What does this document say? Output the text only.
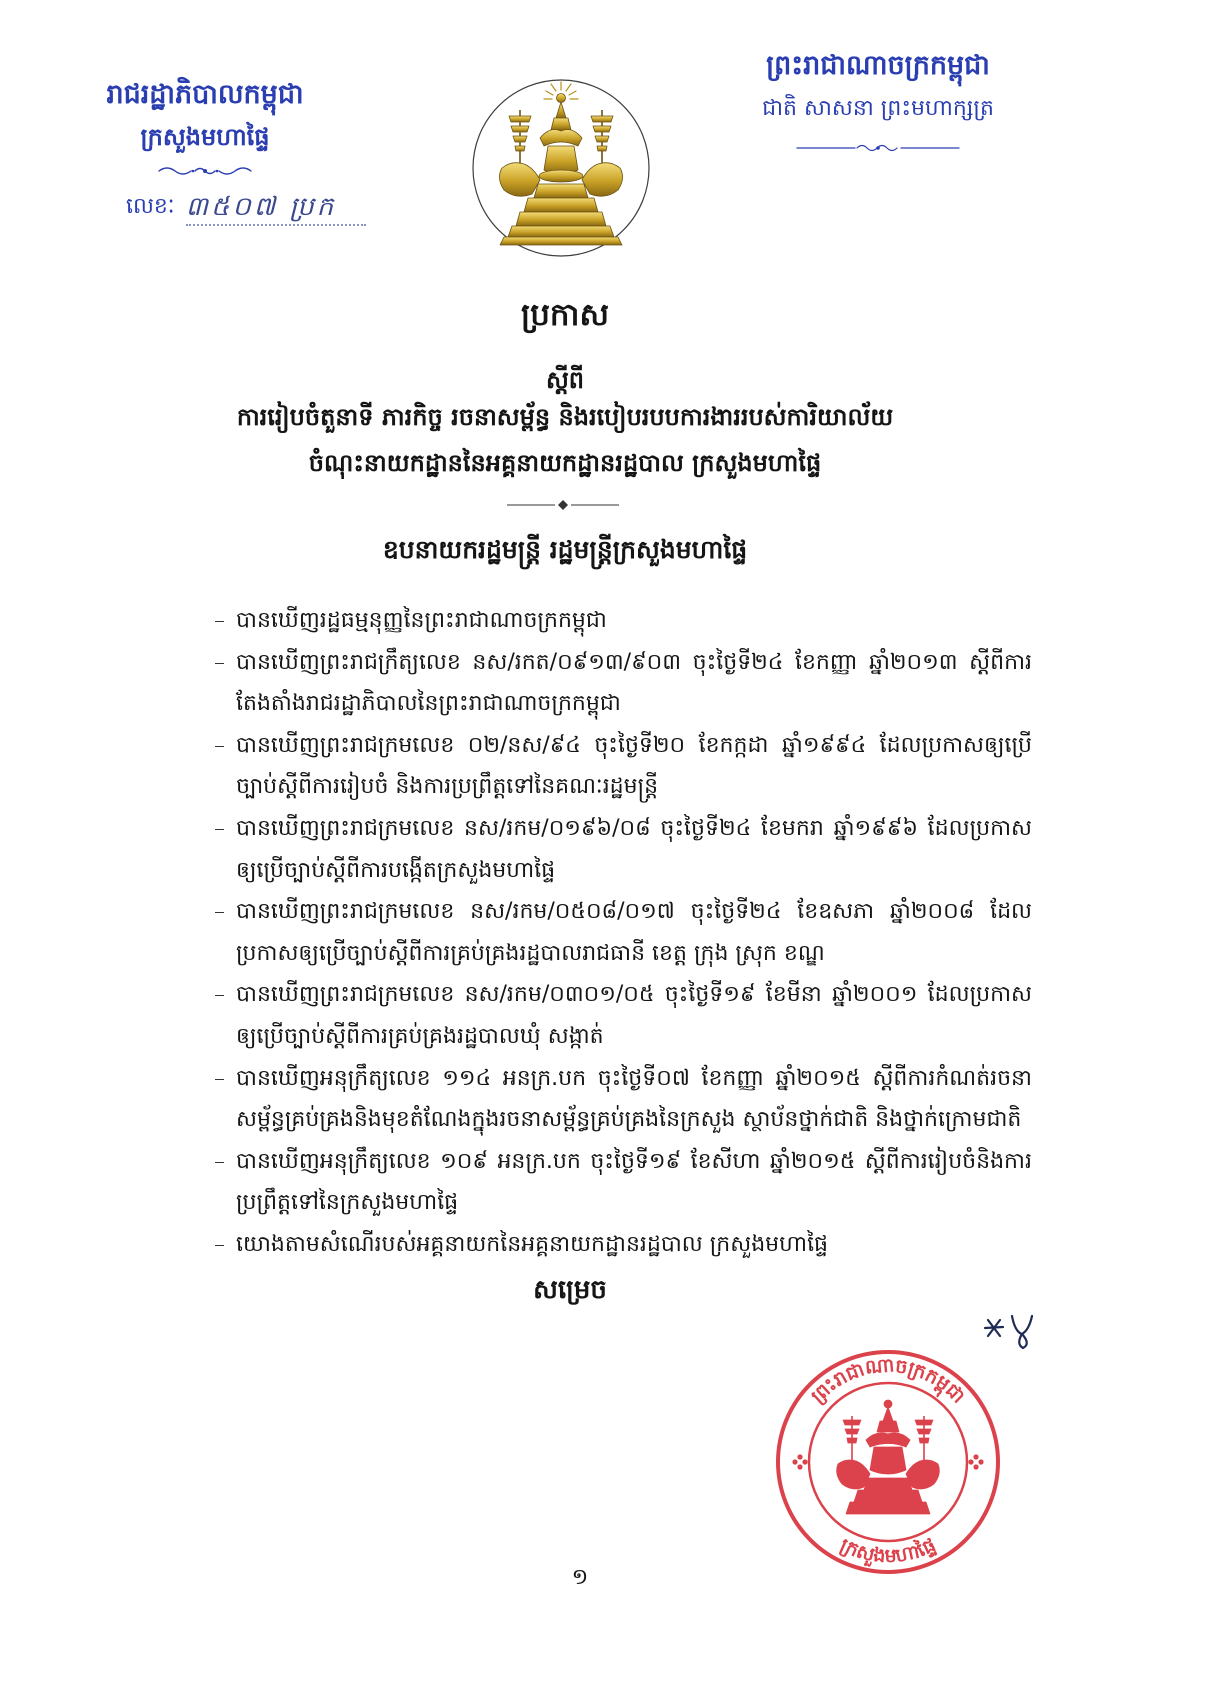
រាជរដ្ឋាភិបាលកម្ពុជា
ក្រសួងមហាផ្ទៃ
លេខៈ ៣៥០៧ ប្រក
ព្រះរាជាណាចក្រកម្ពុជា
ជាតិ សាសនា ព្រះមហាក្សត្រ
ប្រកាស
ស្តីពី
ការរៀបចំតួនាទី ភារកិច្ច រចនាសម្ព័ន្ធ និងរបៀបរបបការងាររបស់ការិយាល័យ
ចំណុះនាយកដ្ឋាននៃអគ្គនាយកដ្ឋានរដ្ឋបាល ក្រសួងមហាផ្ទៃ
ឧបនាយករដ្ឋមន្ត្រី រដ្ឋមន្ត្រីក្រសួងមហាផ្ទៃ
បានឃើញរដ្ឋធម្មនុញ្ញនៃព្រះរាជាណាចក្រកម្ពុជា
បានឃើញព្រះរាជក្រឹត្យលេខ នស/រកត/០៩១៣/៩០៣ ចុះថ្ងៃទី២៤ ខែកញ្ញា ឆ្នាំ២០១៣ ស្តីពីការតែងតាំងរាជរដ្ឋាភិបាលនៃព្រះរាជាណាចក្រកម្ពុជា
បានឃើញព្រះរាជក្រមលេខ ០២/នស/៩៤ ចុះថ្ងៃទី២០ ខែកក្កដា ឆ្នាំ១៩៩៤ ដែលប្រកាសឲ្យប្រើច្បាប់ស្តីពីការរៀបចំ និងការប្រព្រឹត្តទៅនៃគណៈរដ្ឋមន្ត្រី
បានឃើញព្រះរាជក្រមលេខ នស/រកម/០១៩៦/០៨ ចុះថ្ងៃទី២៤ ខែមករា ឆ្នាំ១៩៩៦ ដែលប្រកាសឲ្យប្រើច្បាប់ស្តីពីការបង្កើតក្រសួងមហាផ្ទៃ
បានឃើញព្រះរាជក្រមលេខ នស/រកម/០៥០៨/០១៧ ចុះថ្ងៃទី២៤ ខែឧសភា ឆ្នាំ២០០៨ ដែលប្រកាសឲ្យប្រើច្បាប់ស្តីពីការគ្រប់គ្រងរដ្ឋបាលរាជធានី ខេត្ត ក្រុង ស្រុក ខណ្ឌ
បានឃើញព្រះរាជក្រមលេខ នស/រកម/០៣០១/០៥ ចុះថ្ងៃទី១៩ ខែមីនា ឆ្នាំ២០០១ ដែលប្រកាសឲ្យប្រើច្បាប់ស្តីពីការគ្រប់គ្រងរដ្ឋបាលឃុំ សង្កាត់
បានឃើញអនុក្រឹត្យលេខ ១១៤ អនក្រ.បក ចុះថ្ងៃទី០៧ ខែកញ្ញា ឆ្នាំ២០១៥ ស្តីពីការកំណត់រចនាសម្ព័ន្ធគ្រប់គ្រងនិងមុខតំណែងក្នុងរចនាសម្ព័ន្ធគ្រប់គ្រងនៃក្រសួង ស្ថាប័នថ្នាក់ជាតិ និងថ្នាក់ក្រោមជាតិ
បានឃើញអនុក្រឹត្យលេខ ១០៩ អនក្រ.បក ចុះថ្ងៃទី១៩ ខែសីហា ឆ្នាំ២០១៥ ស្តីពីការរៀបចំនិងការប្រព្រឹត្តទៅនៃក្រសួងមហាផ្ទៃ
យោងតាមសំណើរបស់អគ្គនាយកនៃអគ្គនាយកដ្ឋានរដ្ឋបាល ក្រសួងមហាផ្ទៃ
សម្រេច
១
ព្រះរាជាណាចក្រកម្ពុជា
ក្រសួងមហាផ្ទៃ
